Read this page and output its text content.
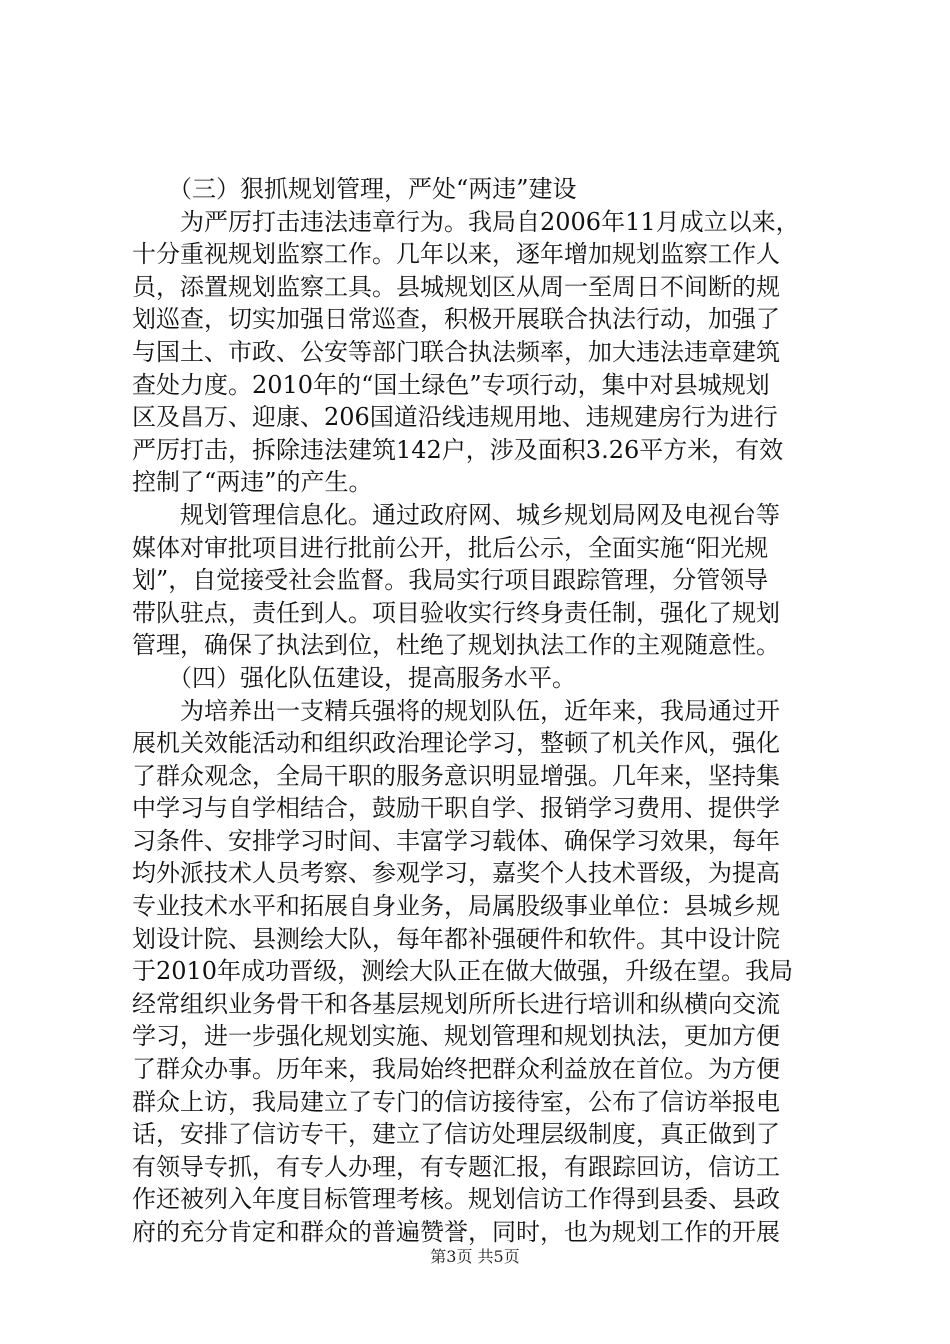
　　（三）狠抓规划管理，严处“两违”建设
　　为严厉打击违法违章行为。我局自2006年11月成立以来，
十分重视规划监察工作。几年以来，逐年增加规划监察工作人
员，添置规划监察工具。县城规划区从周一至周日不间断的规
划巡查，切实加强日常巡查，积极开展联合执法行动，加强了
与国土、市政、公安等部门联合执法频率，加大违法违章建筑
查处力度。2010年的“国土绿色”专项行动，集中对县城规划
区及昌万、迎康、206国道沿线违规用地、违规建房行为进行
严厉打击，拆除违法建筑142户，涉及面积3.26平方米，有效
控制了“两违”的产生。
　　规划管理信息化。通过政府网、城乡规划局网及电视台等
媒体对审批项目进行批前公开，批后公示，全面实施“阳光规
划”，自觉接受社会监督。我局实行项目跟踪管理，分管领导
带队驻点，责任到人。项目验收实行终身责任制，强化了规划
管理，确保了执法到位，杜绝了规划执法工作的主观随意性。
　　（四）强化队伍建设，提高服务水平。
　　为培养出一支精兵强将的规划队伍，近年来，我局通过开
展机关效能活动和组织政治理论学习，整顿了机关作风，强化
了群众观念，全局干职的服务意识明显增强。几年来，坚持集
中学习与自学相结合，鼓励干职自学、报销学习费用、提供学
习条件、安排学习时间、丰富学习载体、确保学习效果，每年
均外派技术人员考察、参观学习，嘉奖个人技术晋级，为提高
专业技术水平和拓展自身业务，局属股级事业单位：县城乡规
划设计院、县测绘大队，每年都补强硬件和软件。其中设计院
于2010年成功晋级，测绘大队正在做大做强，升级在望。我局
经常组织业务骨干和各基层规划所所长进行培训和纵横向交流
学习，进一步强化规划实施、规划管理和规划执法，更加方便
了群众办事。历年来，我局始终把群众利益放在首位。为方便
群众上访，我局建立了专门的信访接待室，公布了信访举报电
话，安排了信访专干，建立了信访处理层级制度，真正做到了
有领导专抓，有专人办理，有专题汇报，有跟踪回访，信访工
作还被列入年度目标管理考核。规划信访工作得到县委、县政
府的充分肯定和群众的普遍赞誉，同时，也为规划工作的开展
第3页 共5页
